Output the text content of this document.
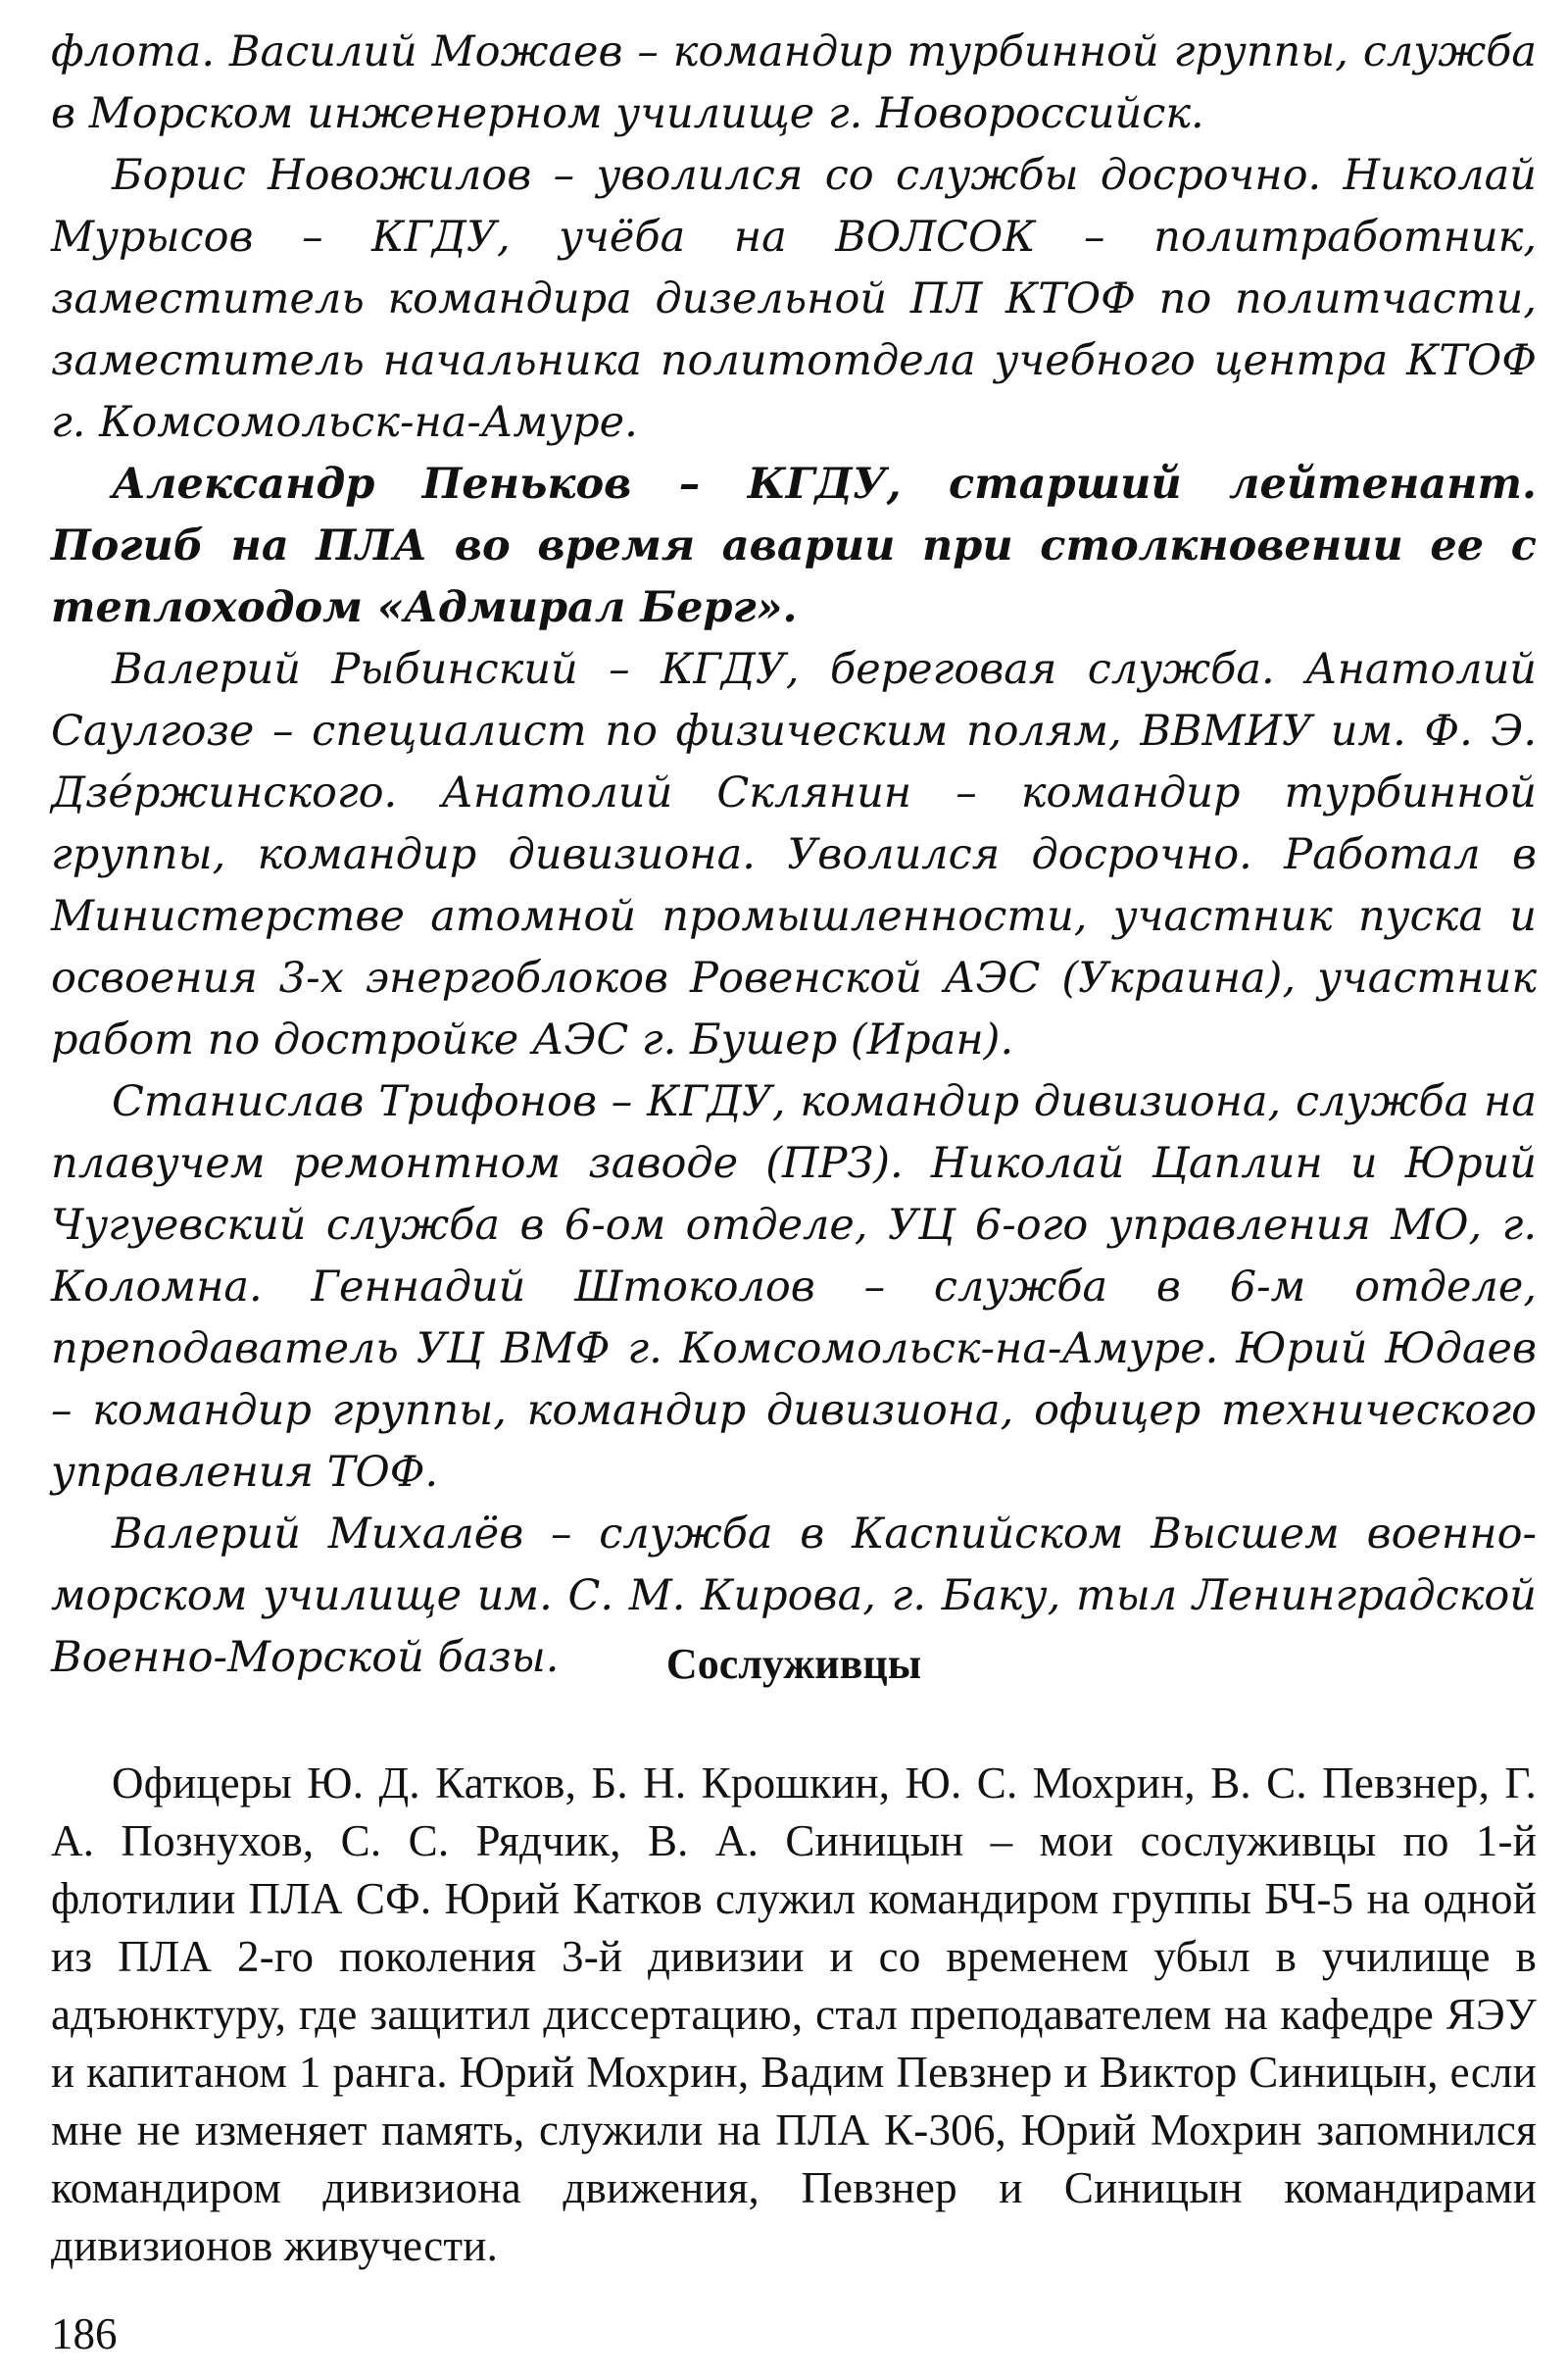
флота. Василий Можаев – командир турбинной группы, служба в Морском инженерном училище г. Новороссийск.

Борис Новожилов – уволился со службы досрочно. Николай Мурысов – КГДУ, учёба на ВОЛСОК – политработник, заместитель командира дизельной ПЛ КТОФ по политчасти, заместитель начальника политотдела учебного центра КТОФ г. Комсомольск-на-Амуре.

Александр Пеньков – КГДУ, старший лейтенант. Погиб на ПЛА во время аварии при столкновении ее с теплоходом «Адмирал Берг».

Валерий Рыбинский – КГДУ, береговая служба. Анатолий Саулгозе – специалист по физическим полям, ВВМИУ им. Ф. Э. Дзе́ржинского. Анатолий Склянин – командир турбинной группы, командир дивизиона. Уволился досрочно. Работал в Министерстве атомной промышленности, участник пуска и освоения 3-х энергоблоков Ровенской АЭС (Украина), участник работ по достройке АЭС г. Бушер (Иран).

Станислав Трифонов – КГДУ, командир дивизиона, служба на плавучем ремонтном заводе (ПРЗ). Николай Цаплин и Юрий Чугуевский служба в 6-ом отделе, УЦ 6-ого управления МО, г. Коломна. Геннадий Штоколов – служба в 6-м отделе, преподаватель УЦ ВМФ г. Комсомольск-на-Амуре. Юрий Юдаев – командир группы, командир дивизиона, офицер технического управления ТОФ.

Валерий Михалёв – служба в Каспийском Высшем военно-морском училище им. С. М. Кирова, г. Баку, тыл Ленинградской Военно-Морской базы.	Сослуживцы

Офицеры Ю. Д. Катков, Б. Н. Крошкин, Ю. С. Мохрин, В. С. Певзнер, Г. А. Познухов, С. С. Рядчик, В. А. Синицын – мои сослуживцы по 1-й флотилии ПЛА СФ. Юрий Катков служил командиром группы БЧ-5 на одной из ПЛА 2-го поколения 3-й дивизии и со временем убыл в училище в адъюнктуру, где защитил диссертацию, стал преподавателем на кафедре ЯЭУ и капитаном 1 ранга. Юрий Мохрин, Вадим Певзнер и Виктор Синицын, если мне не изменяет память, служили на ПЛА К-306, Юрий Мохрин запомнился командиром дивизиона движения, Певзнер и Синицын командирами дивизионов живучести.

186
